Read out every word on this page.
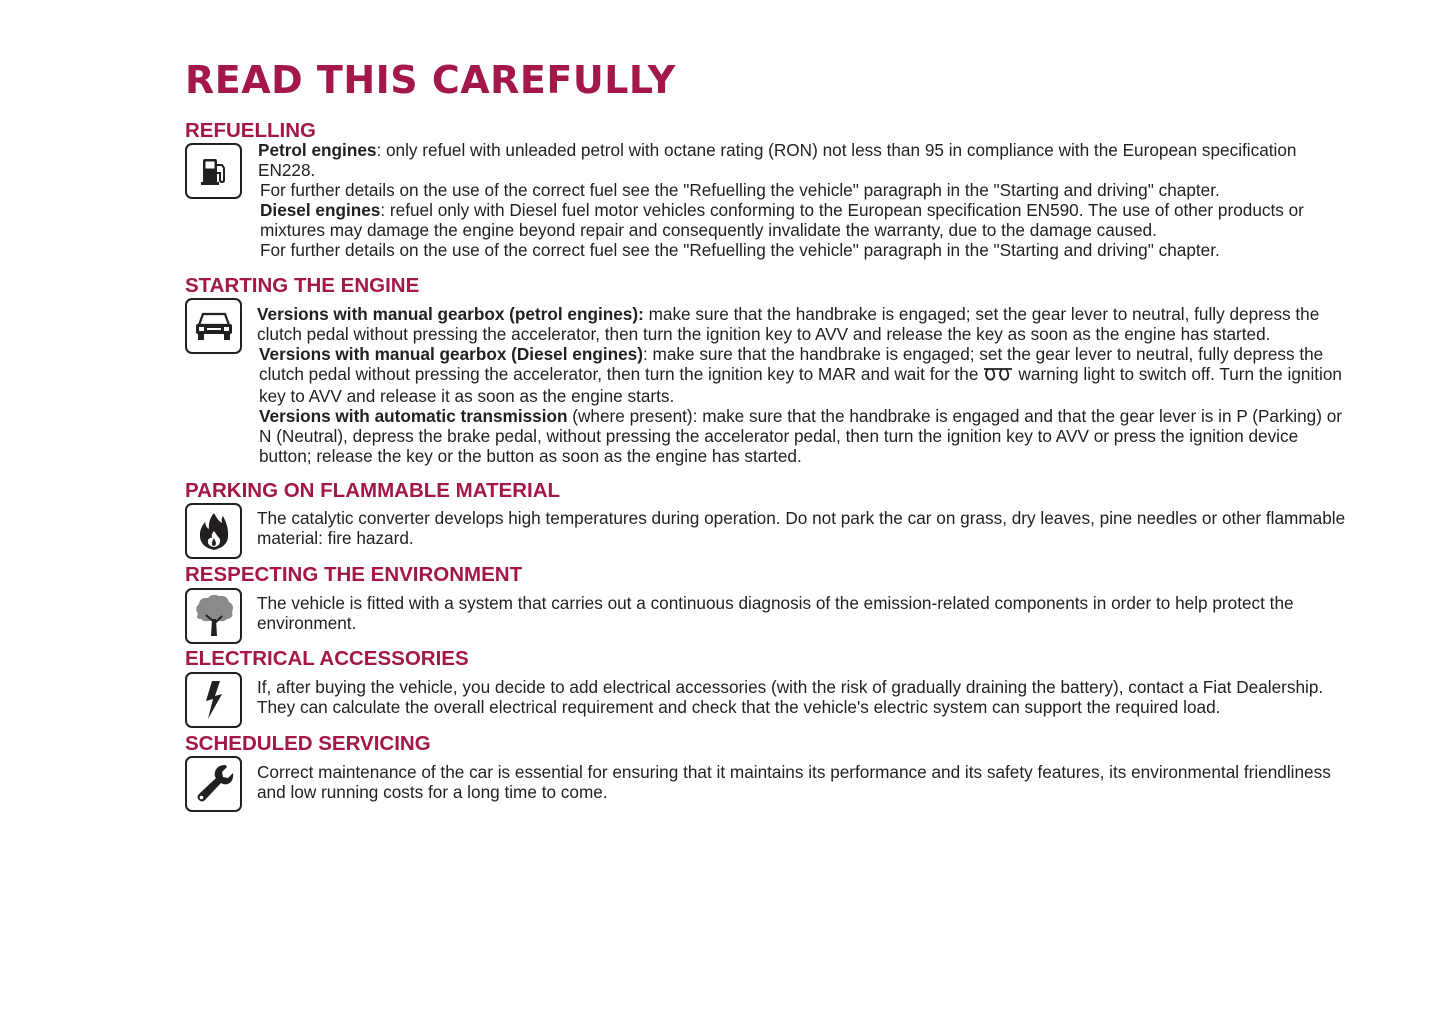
READ THIS CAREFULLY
REFUELLING

Petrol engines: only refuel with unleaded petrol with octane rating (RON) not less than 95 in compliance with the European specification EN228.

For further details on the use of the correct fuel see the "Refuelling the vehicle" paragraph in the "Starting and driving" chapter.

Diesel engines: refuel only with Diesel fuel motor vehicles conforming to the European specification EN590. The use of other products or mixtures may damage the engine beyond repair and consequently invalidate the warranty, due to the damage caused.

For further details on the use of the correct fuel see the "Refuelling the vehicle" paragraph in the "Starting and driving" chapter.

STARTING THE ENGINE

Versions with manual gearbox (petrol engines): make sure that the handbrake is engaged; set the gear lever to neutral, fully depress the clutch pedal without pressing the accelerator, then turn the ignition key to AVV and release the key as soon as the engine has started.

Versions with manual gearbox (Diesel engines): make sure that the handbrake is engaged; set the gear lever to neutral, fully depress the clutch pedal without pressing the accelerator, then turn the ignition key to MAR and wait for the warning light to switch off. Turn the ignition key to AVV and release it as soon as the engine starts.

Versions with automatic transmission (where present): make sure that the handbrake is engaged and that the gear lever is in P (Parking) or N (Neutral), depress the brake pedal, without pressing the accelerator pedal, then turn the ignition key to AVV or press the ignition device button; release the key or the button as soon as the engine has started.

PARKING ON FLAMMABLE MATERIAL

The catalytic converter develops high temperatures during operation. Do not park the car on grass, dry leaves, pine needles or other flammable material: fire hazard.

RESPECTING THE ENVIRONMENT

The vehicle is fitted with a system that carries out a continuous diagnosis of the emission-related components in order to help protect the environment.

ELECTRICAL ACCESSORIES

If, after buying the vehicle, you decide to add electrical accessories (with the risk of gradually draining the battery), contact a Fiat Dealership. They can calculate the overall electrical requirement and check that the vehicle's electric system can support the required load.

SCHEDULED SERVICING

Correct maintenance of the car is essential for ensuring that it maintains its performance and its safety features, its environmental friendliness and low running costs for a long time to come.
